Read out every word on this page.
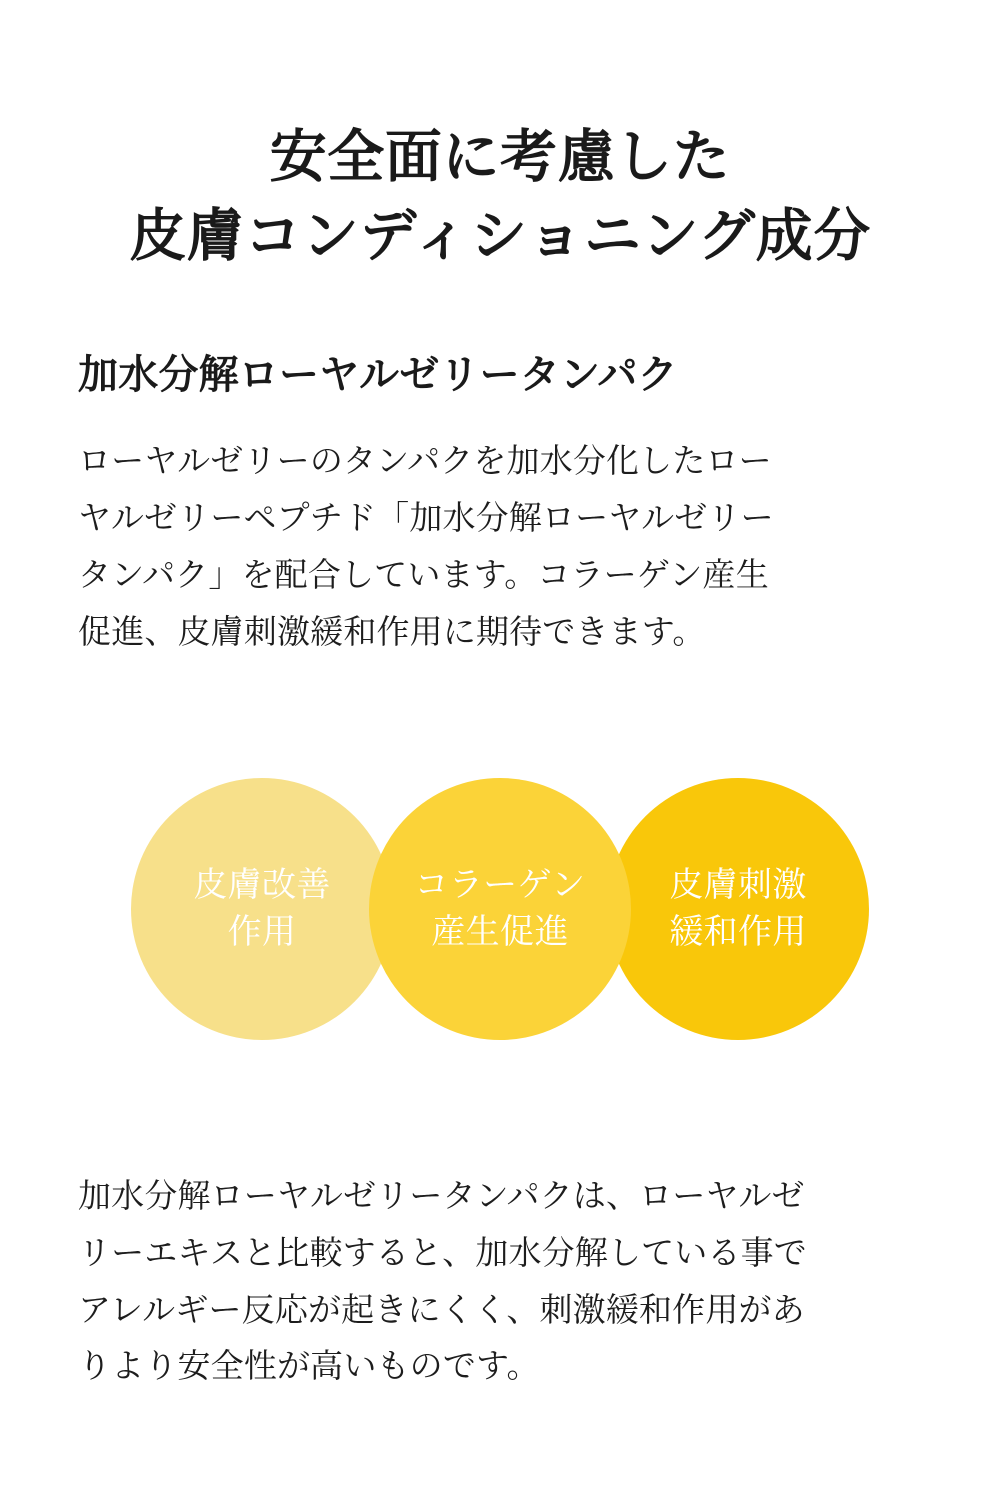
安全面に考慮した
皮膚コンディショニング成分
加水分解ローヤルゼリータンパク

ローヤルゼリーのタンパクを加水分化したローヤルゼリーペプチド「加水分解ローヤルゼリータンパク」を配合しています。コラーゲン産生促進、皮膚刺激緩和作用に期待できます。

皮膚改善
作用
コラーゲン
産生促進
皮膚刺激
緩和作用

加水分解ローヤルゼリータンパクは、ローヤルゼリーエキスと比較すると、加水分解している事でアレルギー反応が起きにくく、刺激緩和作用がありより安全性が高いものです。
